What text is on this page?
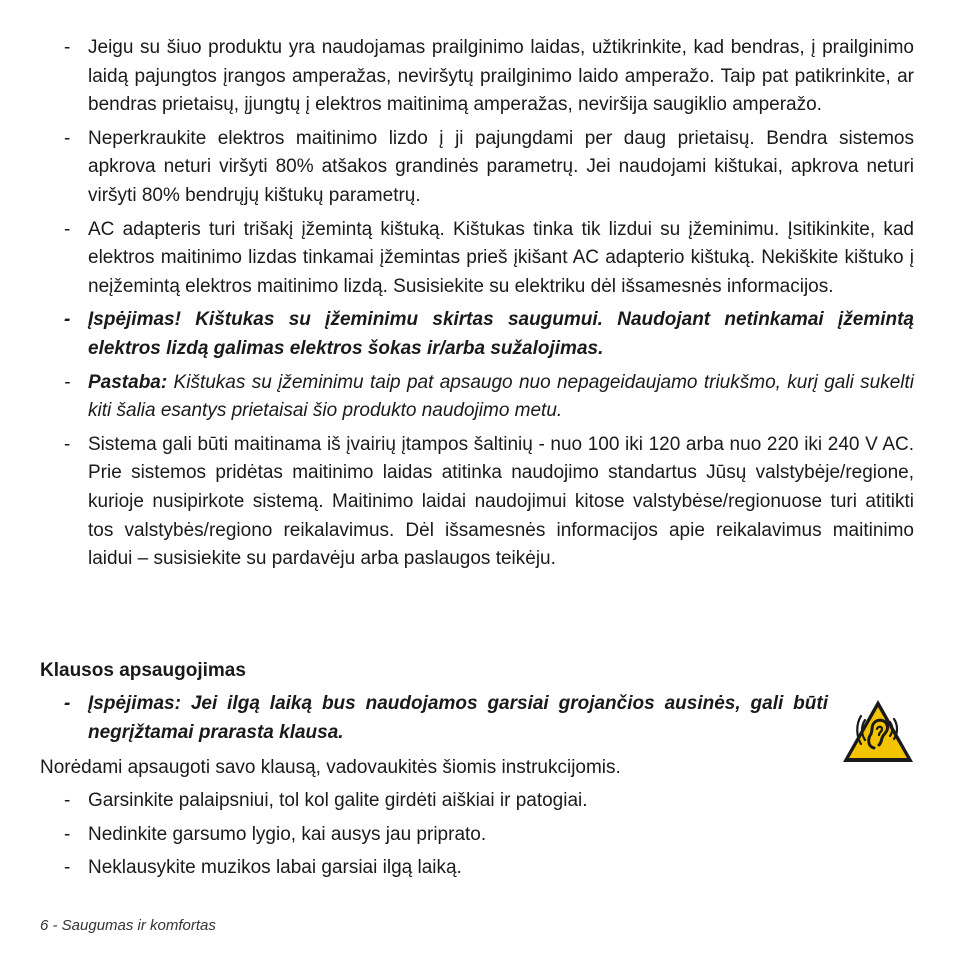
- Jeigu su šiuo produktu yra naudojamas prailginimo laidas, užtikrinkite, kad bendras, į prailginimo laidą pajungtos įrangos amperažas, neviršytų prailginimo laido amperažo. Taip pat patikrinkite, ar bendras prietaisų, įjungtų į elektros maitinimą amperažas, neviršija saugiklio amperažo.
- Neperkraukite elektros maitinimo lizdo į ji pajungdami per daug prietaisų. Bendra sistemos apkrova neturi viršyti 80% atšakos grandinės parametrų. Jei naudojami kištukai, apkrova neturi viršyti 80% bendrųjų kištukų parametrų.
- AC adapteris turi trišakį įžemintą kištuką. Kištukas tinka tik lizdui su įžeminimu. Įsitikinkite, kad elektros maitinimo lizdas tinkamai įžemintas prieš įkišant AC adapterio kištuką. Nekiškite kištuko į neįžemintą elektros maitinimo lizdą. Susisiekite su elektriku dėl išsamesnės informacijos.
- Įspėjimas! Kištukas su įžeminimu skirtas saugumui. Naudojant netinkamai įžemintą elektros lizdą galimas elektros šokas ir/arba sužalojimas.
- Pastaba: Kištukas su įžeminimu taip pat apsaugo nuo nepageidaujamo triukšmo, kurį gali sukelti kiti šalia esantys prietaisai šio produkto naudojimo metu.
- Sistema gali būti maitinama iš įvairių įtampos šaltinių - nuo 100 iki 120 arba nuo 220 iki 240 V AC. Prie sistemos pridėtas maitinimo laidas atitinka naudojimo standartus Jūsų valstybėje/regione, kurioje nusipirkote sistemą. Maitinimo laidai naudojimui kitose valstybėse/regionuose turi atitikti tos valstybės/regiono reikalavimus. Dėl išsamesnės informacijos apie reikalavimus maitinimo laidui – susisiekite su pardavėju arba paslaugos teikėju.
Klausos apsaugojimas
- Įspėjimas: Jei ilgą laiką bus naudojamos garsiai grojančios ausinės, gali būti negrįžtamai prarasta klausa.

Norėdami apsaugoti savo klausą, vadovaukitės šiomis instrukcijomis.

- Garsinkite palaipsniui, tol kol galite girdėti aiškiai ir patogiai.
- Nedinkite garsumo lygio, kai ausys jau priprato.
- Neklausykite muzikos labai garsiai ilgą laiką.

6 - Saugumas ir komfortas
